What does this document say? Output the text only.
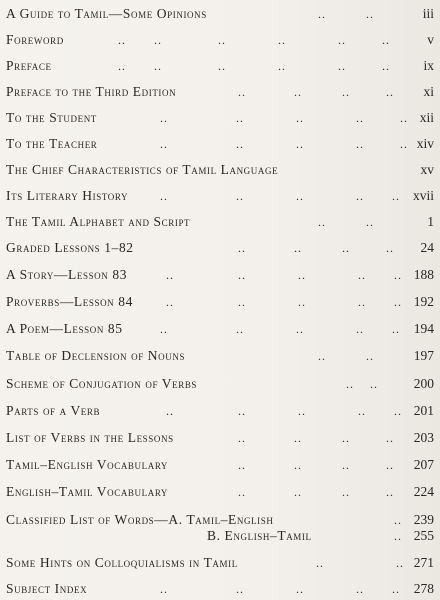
A Guide to Tamil—Some Opinions	..          ..	iii
Foreword	..       ..              ..             ..             ..         ..	v
Preface	..       ..              ..             ..             ..         .. ix
Preface to the Third Edition	..            ..          ..         .. xi
To the Student	..                 ..             ..             ..         .. xii
To the Teacher	..                 ..             ..             ..         .. xiv
The Chief Characteristics of Tamil Language	xv
Its Literary History	..                 ..             ..             ..       .. xvii
The Tamil Alphabet and Script	..          ..	1
Graded Lessons 1–82	..            ..          ..         .. 24
A Story—Lesson 83	..                ..             ..             ..       .. 188
Proverbs—Lesson 84	..                ..             ..             ..       .. 192
A Poem—Lesson 85	..                 ..             ..             ..       .. 194
Table of Declension of Nouns	..          ..	197
Scheme of Conjugation of Verbs	..    ..	200
Parts of a Verb	..                ..             ..             ..       .. 201
List of Verbs in the Lessons	..            ..          ..         .. 203
Tamil–English Vocabulary	..            ..          ..         .. 207
English–Tamil Vocabulary	..            ..          ..         .. 224
Classified List of Words—A. Tamil–English	.. 239
B. English–Tamil	.. 255
Some Hints on Colloquialisms in Tamil	..                  .. 271
Subject Index	..                 ..             ..             ..       .. 278
